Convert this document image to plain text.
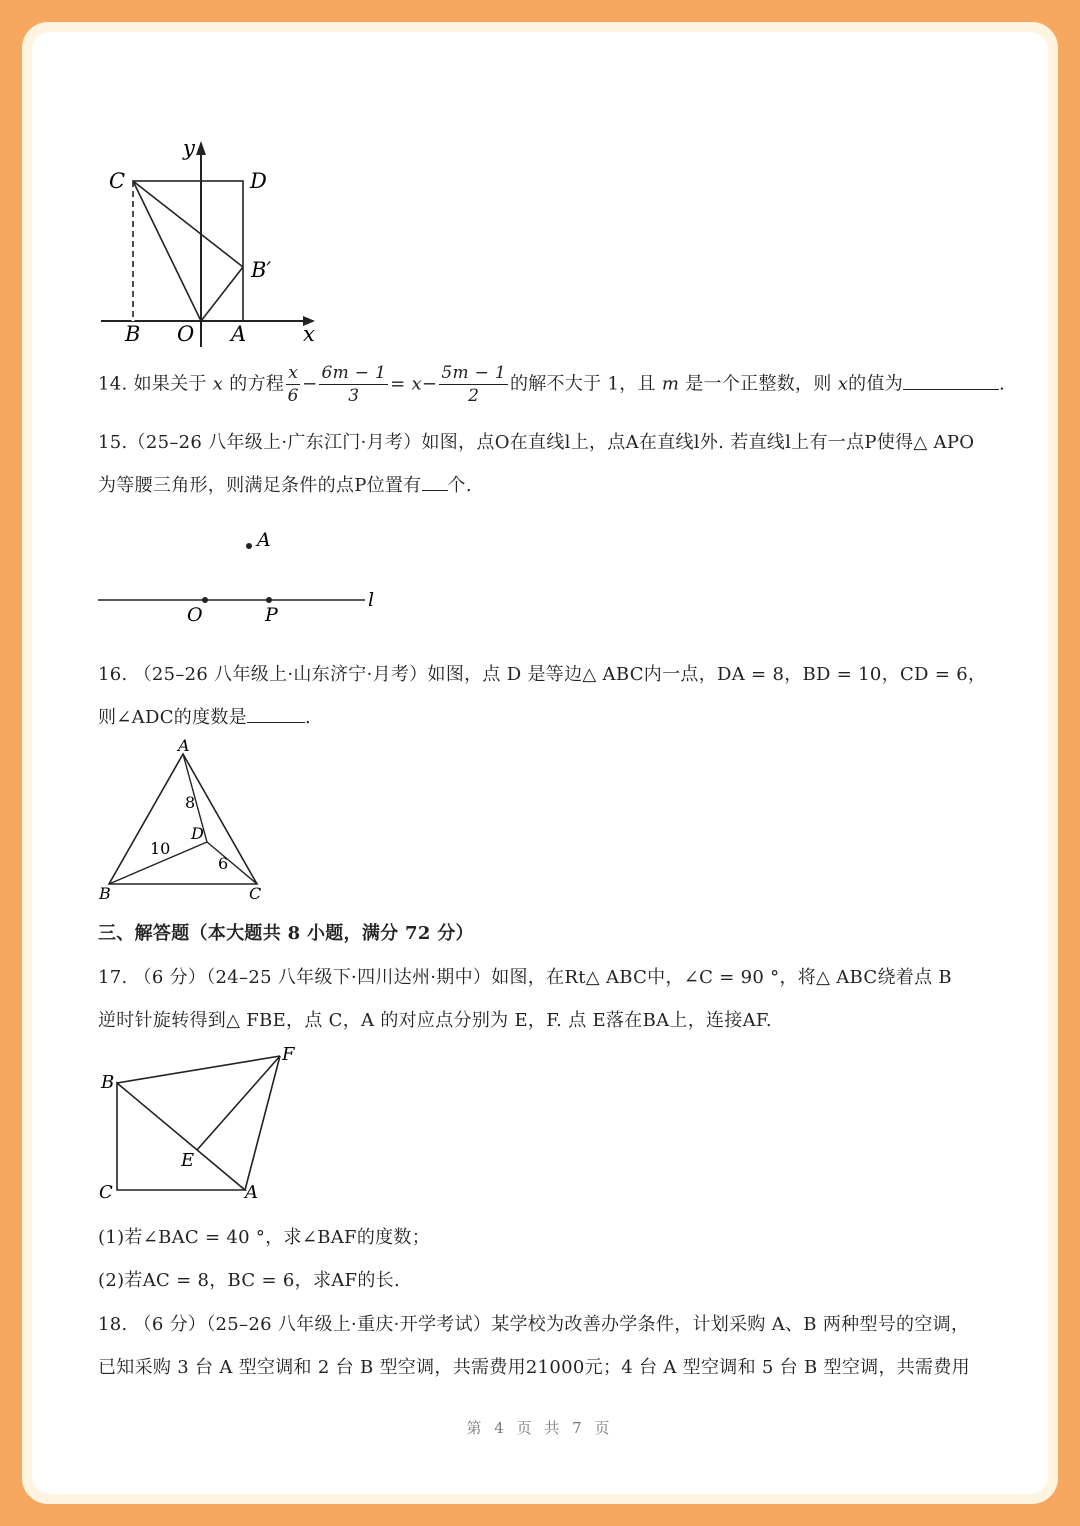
y
x
C	D
B′
B O A
14. 如果关于 x 的方程 $\frac{x}{6} - \frac{6m - 1}{3} = x- \frac{5m - 1}{2}$ 的解不大于 1，且 m 是一个正整数，则 x的值为	.
15.（25–26 八年级上·广东江门·月考）如图，点O在直线l上，点A在直线l外. 若直线l上有一点P使得△ APO
为等腰三角形，则满足条件的点P位置有 个.
A
O	P
l
16. （25–26 八年级上·山东济宁·月考）如图，点 D 是等边△ ABC内一点，DA = 8，BD = 10，CD = 6，
则∠ADC的度数是	.
A
B	C
D
8
10
6
三、解答题（本大题共 8 小题，满分 72 分）
17. （6 分）（24–25 八年级下·四川达州·期中）如图，在Rt△ ABC中，∠C = 90 °，将△ ABC绕着点 B
逆时针旋转得到△ FBE，点 C，A 的对应点分别为 E，F. 点 E落在BA上，连接AF.
B
F
E
C	A
(1)若∠BAC = 40 °，求∠BAF的度数；
(2)若AC = 8，BC = 6，求AF的长.
18. （6 分）（25–26 八年级上·重庆·开学考试）某学校为改善办学条件，计划采购 A、B 两种型号的空调，
已知采购 3 台 A 型空调和 2 台 B 型空调，共需费用21000元；4 台 A 型空调和 5 台 B 型空调，共需费用
第 4 页 共 7 页
